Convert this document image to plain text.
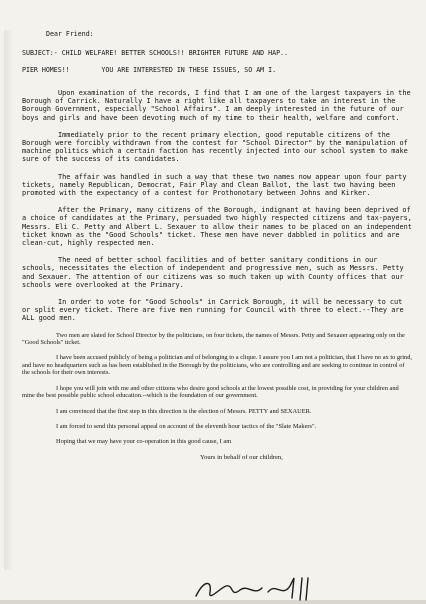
Dear Friend:
SUBJECT:- CHILD WELFARE! BETTER SCHOOLS!! BRIGHTER FUTURE AND HAP..
PIER HOMES!!        YOU ARE INTERESTED IN THESE ISSUES, SO AM I.

Upon examination of the records, I find that I am one of the largest taxpayers in the Borough of Carrick. Naturally I have a right like all taxpayers to take an interest in the Borough Government, especially "School Affairs". I am deeply interested in the future of our boys and girls and have been devoting much of my time to their health, welfare and comfort.

Immediately prior to the recent primary election, good reputable citizens of the Borough were forcibly withdrawn from the contest for "School Director" by the manipulation of machine politics which a certain faction has recently injected into our school system to make sure of the success of its candidates.

The affair was handled in such a way that these two names now appear upon four party tickets, namely Republican, Democrat, Fair Play and Clean Ballot, the last two having been promoted with the expectancy of a contest for Prothonotary between Johns and Kirker.

After the Primary, many citizens of the Borough, indignant at having been deprived of a choice of candidates at the Primary, persuaded two highly respected citizens and tax-payers, Messrs. Eli C. Petty and Albert L. Sexauer to allow their names to be placed on an independent ticket known as the "Good Schools" ticket. These men have never dabbled in politics and are clean-cut, highly respected men.

The need of better school facilities and of better sanitary conditions in our schools, necessitates the election of independent and progressive men, such as Messrs. Petty and Sexauer. The attention of our citizens was so much taken up with County offices that our schools were overlooked at the Primary.

In order to vote for "Good Schools" in Carrick Borough, it will be necessary to cut or split every ticket. There are five men running for Council with three to elect.--They are ALL good men.

Two men are slated for School Director by the politicians, on four tickets, the names of Messrs. Petty and Sexauer appearing only on the "Good Schools" ticket.

I have been accused publicly of being a politician and of belonging to a clique. I assure you I am not a politician, that I have no ax to grind, and have no headquarters such as has been established in the Borough by the politicians, who are controlling and are seeking to continue in control of the schools for their own interests.

I hope you will join with me and other citizens who desire good schools at the lowest possible cost, in providing for your children and mine the best possible public school education.--which is the foundation of our government.

I am convinced that the first step in this direction is the election of Messrs. PETTY and SEXAUER.

I am forced to send this personal appeal on account of the eleventh hour tactics of the "Slate Makers".

Hoping that we may have your co-operation in this good cause, I am

Yours in behalf of our children,
